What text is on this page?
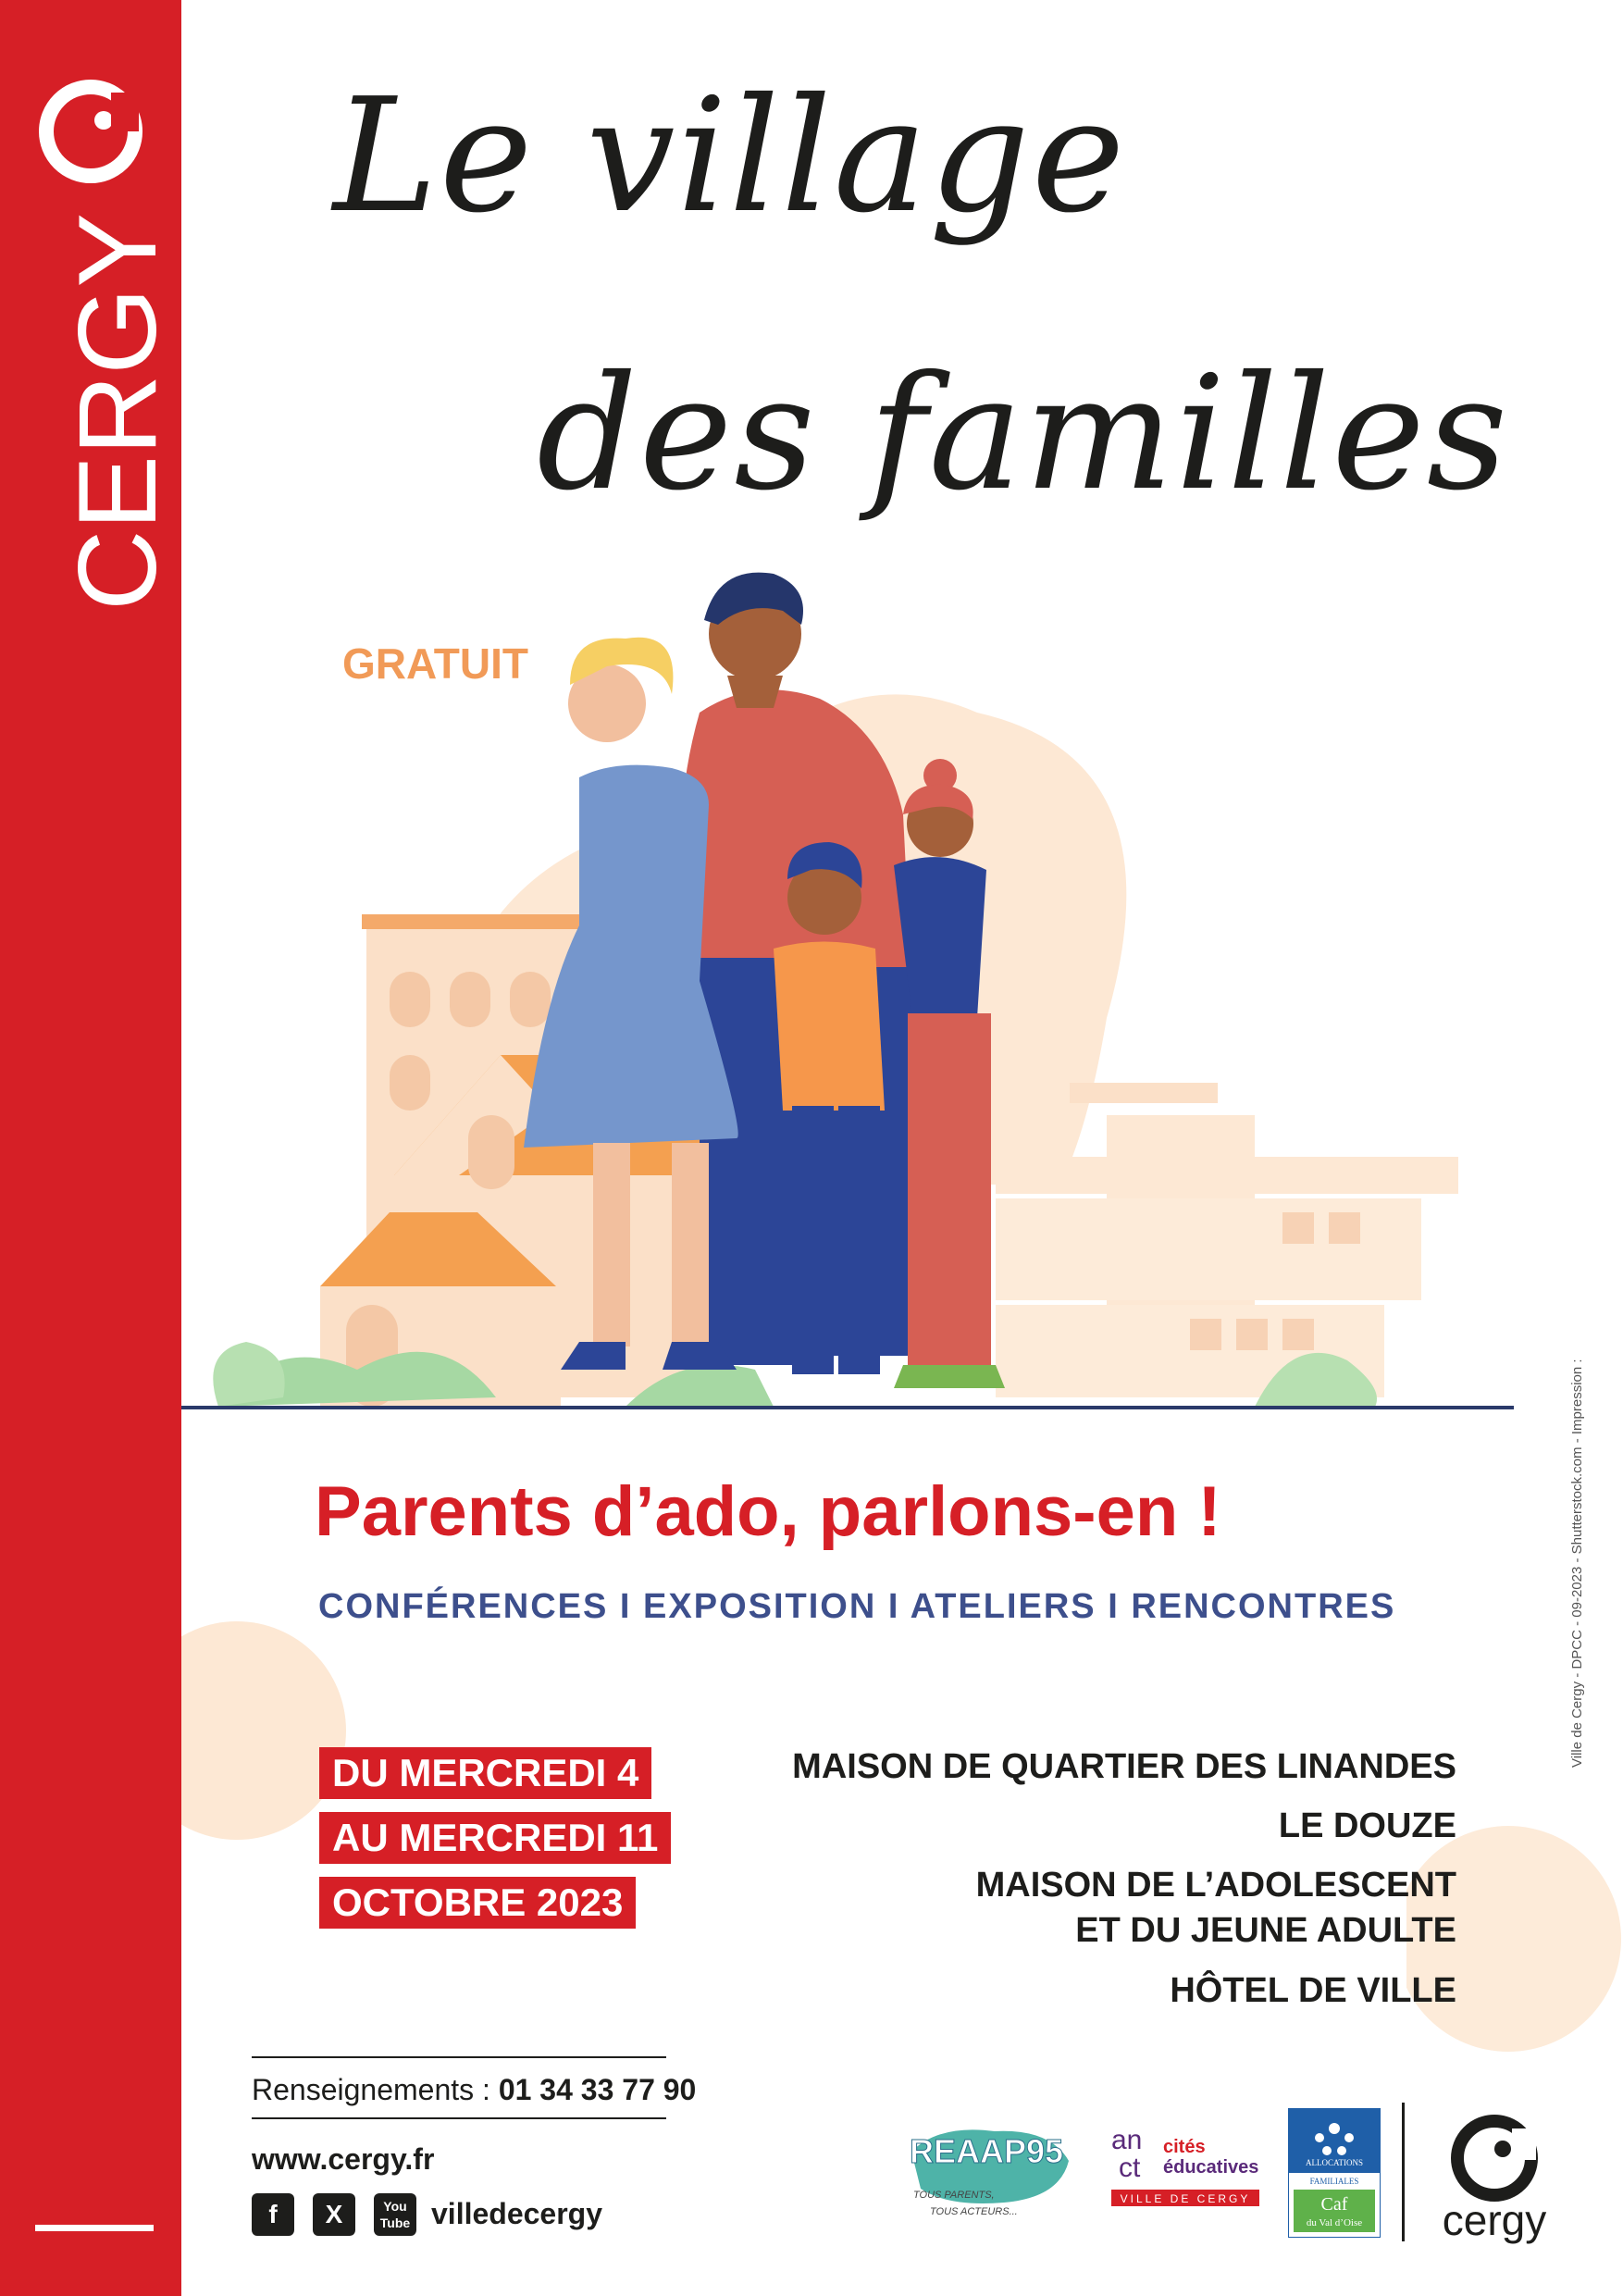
CERGY
Le village
des familles
GRATUIT
Parents d’ado, parlons-en !
CONFÉRENCES I EXPOSITION I ATELIERS I RENCONTRES
DU MERCREDI 4
AU MERCREDI 11
OCTOBRE 2023
MAISON DE QUARTIER DES LINANDES
LE DOUZE
MAISON DE L’ADOLESCENT
ET DU JEUNE ADULTE
HÔTEL DE VILLE
Renseignements : 01 34 33 77 90
www.cergy.fr
f	X	You
Tube villedecergy
REAAP95
TOUS PARENTS,
TOUS ACTEURS...
an
ct
cités
éducatives
VILLE DE CERGY
ALLOCATIONS
FAMILIALES
Caf
du Val d’Oise cergy
Ville de Cergy - DPCC - 09-2023 - Shutterstock.com - Impression :
